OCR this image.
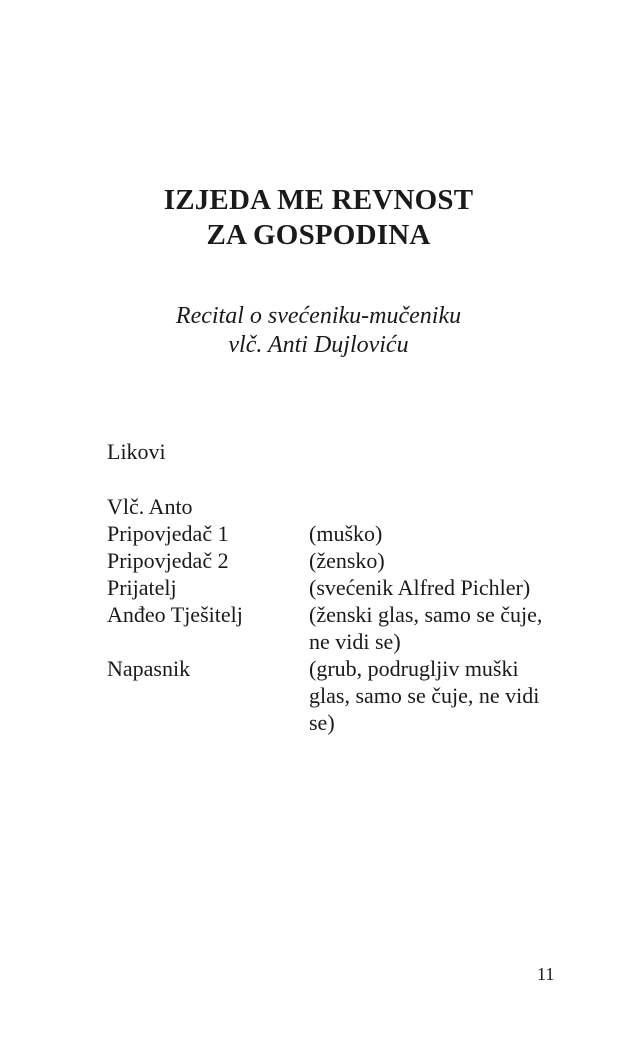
IZJEDA ME REVNOST
ZA GOSPODINA
Recital o svećeniku-mučeniku
vlč. Anti Dujloviću
Likovi
Vlč. Anto
Pripovjedač 1	(muško)
Pripovjedač 2	(žensko)
Prijatelj	(svećenik Alfred Pichler)
Anđeo Tješitelj	(ženski glas, samo se čuje, ne vidi se)
Napasnik	(grub, podrugljiv muški glas, samo se čuje, ne vidi se)
11
